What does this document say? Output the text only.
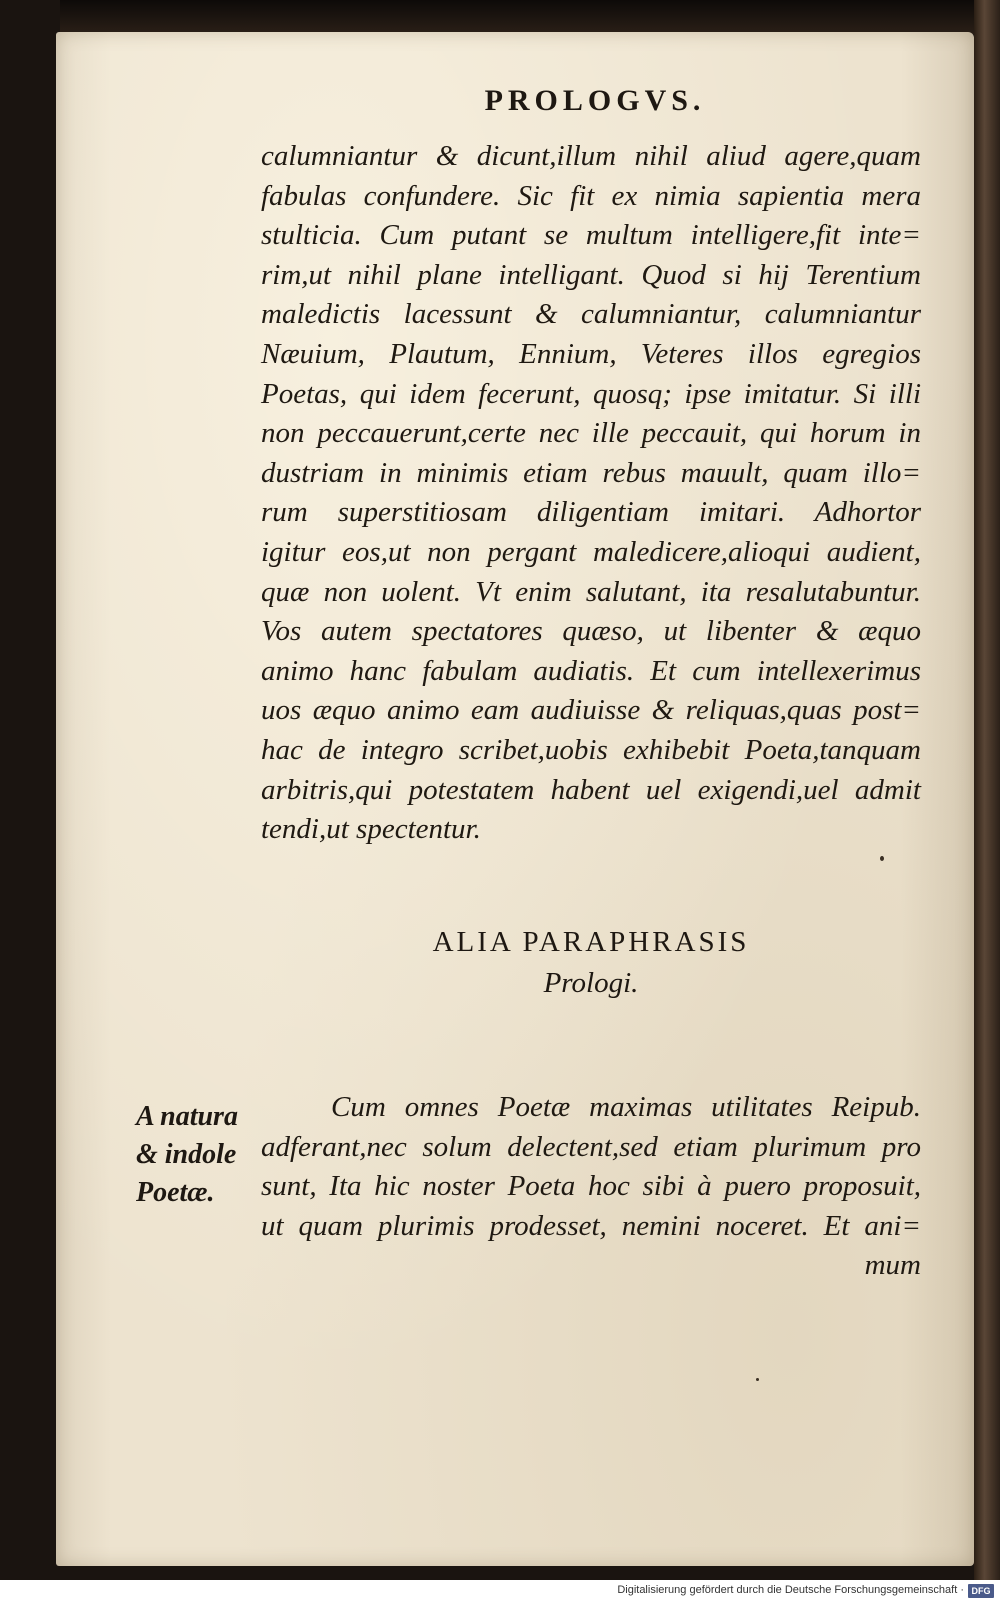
PROLOGVS.
calumniantur & dicunt,illum nihil aliud agere,quam
fabulas confundere. Sic fit ex nimia sapientia mera
stulticia. Cum putant se multum intelligere,fit inte=
rim,ut nihil plane intelligant. Quod si hij Terentium
maledictis lacessunt & calumniantur, calumniantur
Næuium, Plautum, Ennium, Veteres illos egregios
Poetas, qui idem fecerunt, quosq; ipse imitatur. Si illi
non peccauerunt,certe nec ille peccauit, qui horum in
dustriam in minimis etiam rebus mauult, quam illo=
rum superstitiosam diligentiam imitari. Adhortor
igitur eos,ut non pergant maledicere,alioqui audient,
quæ non uolent. Vt enim salutant, ita resalutabuntur.
Vos autem spectatores quæso, ut libenter & æquo
animo hanc fabulam audiatis. Et cum intellexerimus
uos æquo animo eam audiuisse & reliquas,quas post=
hac de integro scribet,uobis exhibebit Poeta,tanquam
arbitris,qui potestatem habent uel exigendi,uel admit
tendi,ut spectentur.
ALIA PARAPHRASIS
Prologi.
A natura
& indole
Poetæ.
Cum omnes Poetæ maximas utilitates Reipub.
adferant,nec solum delectent,sed etiam plurimum pro
sunt, Ita hic noster Poeta hoc sibi à puero proposuit,
ut quam plurimis prodesset, nemini noceret. Et ani=
mum
Digitalisierung gefördert durch die Deutsche Forschungsgemeinschaft · DFG
